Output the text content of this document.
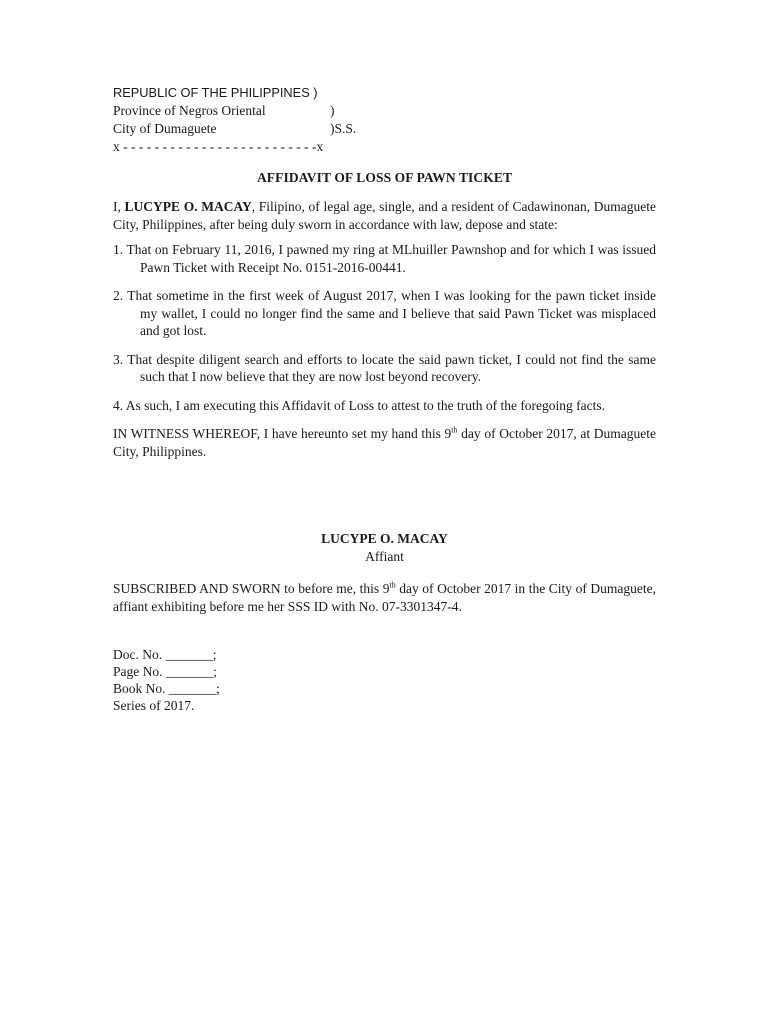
REPUBLIC OF THE PHILIPPINES )
Province of Negros Oriental	)
City of Dumaguete	)S.S.
x - - - - - - - - - - - - - - - - - - - - - - - - -x
AFFIDAVIT OF LOSS OF PAWN TICKET

I, LUCYPE O. MACAY, Filipino, of legal age, single, and a resident of Cadawinonan, Dumaguete City, Philippines, after being duly sworn in accordance with law, depose and state:

1. That on February 11, 2016, I pawned my ring at MLhuiller Pawnshop and for which I was issued Pawn Ticket with Receipt No. 0151-2016-00441.

2. That sometime in the first week of August 2017, when I was looking for the pawn ticket inside my wallet, I could no longer find the same and I believe that said Pawn Ticket was misplaced and got lost.

3. That despite diligent search and efforts to locate the said pawn ticket, I could not find the same such that I now believe that they are now lost beyond recovery.

4. As such, I am executing this Affidavit of Loss to attest to the truth of the foregoing facts.

IN WITNESS WHEREOF, I have hereunto set my hand this 9th day of October 2017, at Dumaguete City, Philippines.

LUCYPE O. MACAY
Affiant

SUBSCRIBED AND SWORN to before me, this 9th day of October 2017 in the City of Dumaguete, affiant exhibiting before me her SSS ID with No. 07-3301347-4.

Doc. No. _______;
Page No. _______;
Book No. _______;
Series of 2017.
